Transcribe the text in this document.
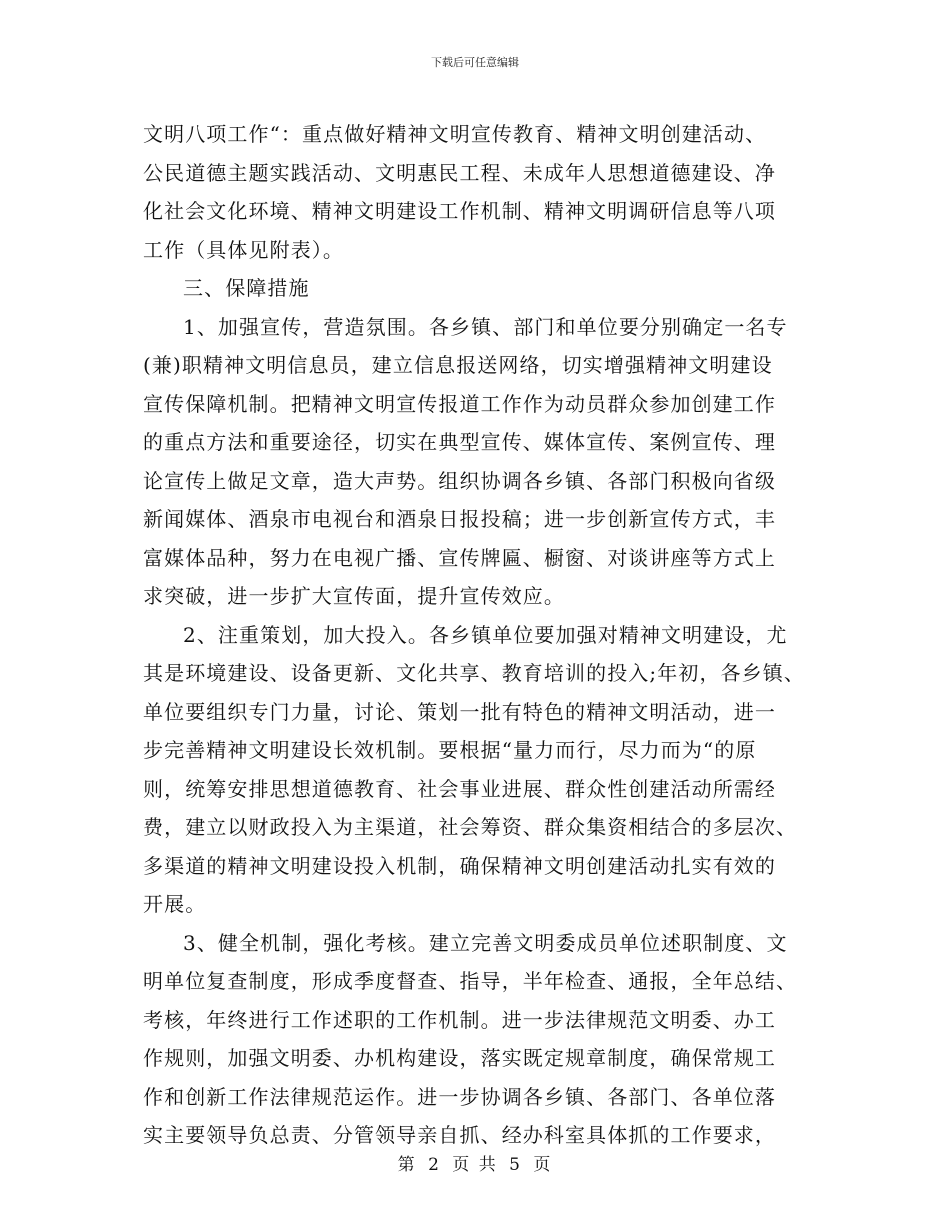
下载后可任意编辑
文明八项工作“：重点做好精神文明宣传教育、精神文明创建活动、
公民道德主题实践活动、文明惠民工程、未成年人思想道德建设、净
化社会文化环境、精神文明建设工作机制、精神文明调研信息等八项
工作（具体见附表）。
三、保障措施
1、加强宣传，营造氛围。各乡镇、部门和单位要分别确定一名专
(兼)职精神文明信息员，建立信息报送网络，切实增强精神文明建设
宣传保障机制。把精神文明宣传报道工作作为动员群众参加创建工作
的重点方法和重要途径，切实在典型宣传、媒体宣传、案例宣传、理
论宣传上做足文章，造大声势。组织协调各乡镇、各部门积极向省级
新闻媒体、酒泉市电视台和酒泉日报投稿；进一步创新宣传方式，丰
富媒体品种，努力在电视广播、宣传牌匾、橱窗、对谈讲座等方式上
求突破，进一步扩大宣传面，提升宣传效应。
2、注重策划，加大投入。各乡镇单位要加强对精神文明建设，尤
其是环境建设、设备更新、文化共享、教育培训的投入;年初，各乡镇、
单位要组织专门力量，讨论、策划一批有特色的精神文明活动，进一
步完善精神文明建设长效机制。要根据“量力而行，尽力而为“的原
则，统筹安排思想道德教育、社会事业进展、群众性创建活动所需经
费，建立以财政投入为主渠道，社会筹资、群众集资相结合的多层次、
多渠道的精神文明建设投入机制，确保精神文明创建活动扎实有效的
开展。
3、健全机制，强化考核。建立完善文明委成员单位述职制度、文
明单位复查制度，形成季度督查、指导，半年检查、通报，全年总结、
考核，年终进行工作述职的工作机制。进一步法律规范文明委、办工
作规则，加强文明委、办机构建设，落实既定规章制度，确保常规工
作和创新工作法律规范运作。进一步协调各乡镇、各部门、各单位落
实主要领导负总责、分管领导亲自抓、经办科室具体抓的工作要求，
第 2 页 共 5 页
